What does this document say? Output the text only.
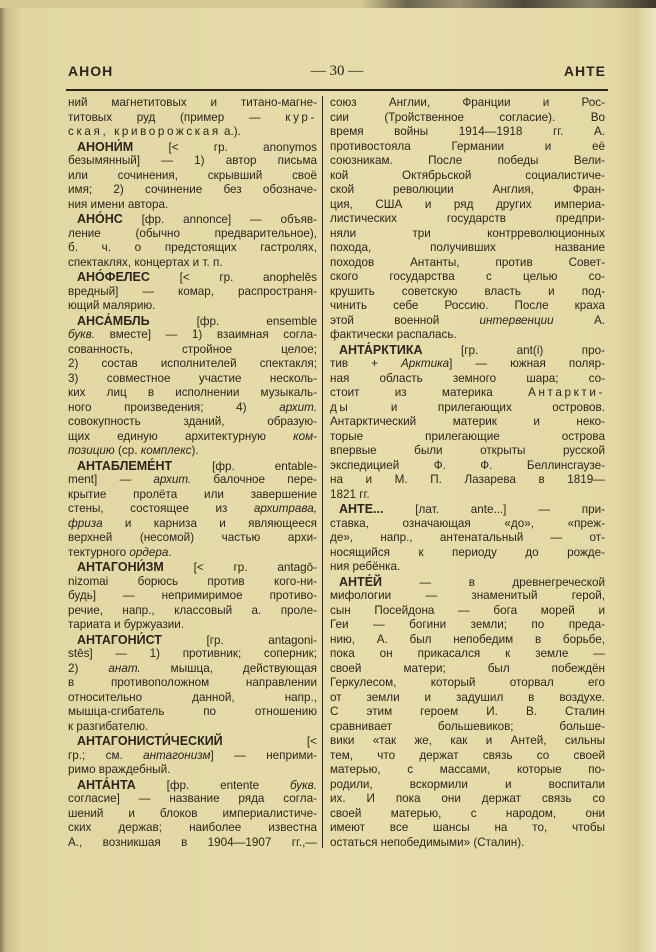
АНОН	— 30 —	АНТЕ
ний магнетитовых и титано-магне-
титовых руд (пример — кур-
ская, криворожская а.).
АНОНИ́М [< гр. anonymos
безымянный] — 1) автор письма
или сочинения, скрывший своё
имя; 2) сочинение без обозначе-
ния имени автора.
АНО́НС [фр. annonce] — объяв-
ление (обычно предварительное),
б. ч. о предстоящих гастролях,
спектаклях, концертах и т. п.
АНО́ФЕЛЕС [< гр. anophelēs
вредный] — комар, распространя-
ющий малярию.
АНСА́МБЛЬ [фр. ensemble
букв. вместе] — 1) взаимная согла-
сованность, стройное целое;
2) состав исполнителей спектакля;
3) совместное участие несколь-
ких лиц в исполнении музыкаль-
ного произведения; 4) архит.
совокупность зданий, образую-
щих единую архитектурную ком-
позицию (ср. комплекс).
АНТАБЛЕМЕ́НТ [фр. entable-
ment] — архит. балочное пере-
крытие пролёта или завершение
стены, состоящее из архитрава,
фриза и карниза и являющееся
верхней (несомой) частью архи-
тектурного ордера.
АНТАГОНИ́ЗМ [< гр. antagō-
nizomai борюсь против кого-ни-
будь] — непримиримое противо-
речие, напр., классовый а. проле-
тариата и буржуазии.
АНТАГОНИ́СТ [гр. antagoni-
stēs] — 1) противник; соперник;
2) анат. мышца, действующая
в противоположном направлении
относительно данной, напр.,
мышца-сгибатель по отношению
к разгибателю.
АНТАГОНИСТИ́ЧЕСКИЙ [<
гр.; см. антагонизм] — неприми-
римо враждебный.
АНТА́НТА [фр. entente букв.
согласие] — название ряда согла-
шений и блоков империалистиче-
ских держав; наиболее известна
А., возникшая в 1904—1907 гг.,—
союз Англии, Франции и Рос-
сии (Тройственное согласие). Во
время войны 1914—1918 гг. А.
противостояла Германии и её
союзникам. После победы Вели-
кой Октябрьской социалистиче-
ской революции Англия, Фран-
ция, США и ряд других империа-
листических государств предпри-
няли три контрреволюционных
похода, получивших название
походов Антанты, против Совет-
ского государства с целью со-
крушить советскую власть и под-
чинить себе Россию. После краха
этой военной интервенции А.
фактически распалась.
АНТА́РКТИКА [гр. ant(i) про-
тив + Арктика] — южная поляр-
ная область земного шара; со-
стоит из материка Антаркти-
ды и прилегающих островов.
Антарктический материк и неко-
торые прилегающие острова
впервые были открыты русской
экспедицией Ф. Ф. Беллинсгаузе-
на и М. П. Лазарева в 1819—
1821 гг.
АНТЕ... [лат. ante...] — при-
ставка, означающая «до», «преж-
де», напр., антенатальный — от-
носящийся к периоду до рожде-
ния ребёнка.
АНТЕ́Й — в древнегреческой
мифологии — знаменитый герой,
сын Посейдона — бога морей и
Геи — богини земли; по преда-
нию, А. был непобедим в борьбе,
пока он прикасался к земле —
своей матери; был побеждён
Геркулесом, который оторвал его
от земли и задушил в воздухе.
С этим героем И. В. Сталин
сравнивает большевиков; больше-
вики «так же, как и Антей, сильны
тем, что держат связь со своей
матерью, с массами, которые по-
родили, вскормили и воспитали
их. И пока они держат связь со
своей матерью, с народом, они
имеют все шансы на то, чтобы
остаться непобедимыми» (Сталин).
